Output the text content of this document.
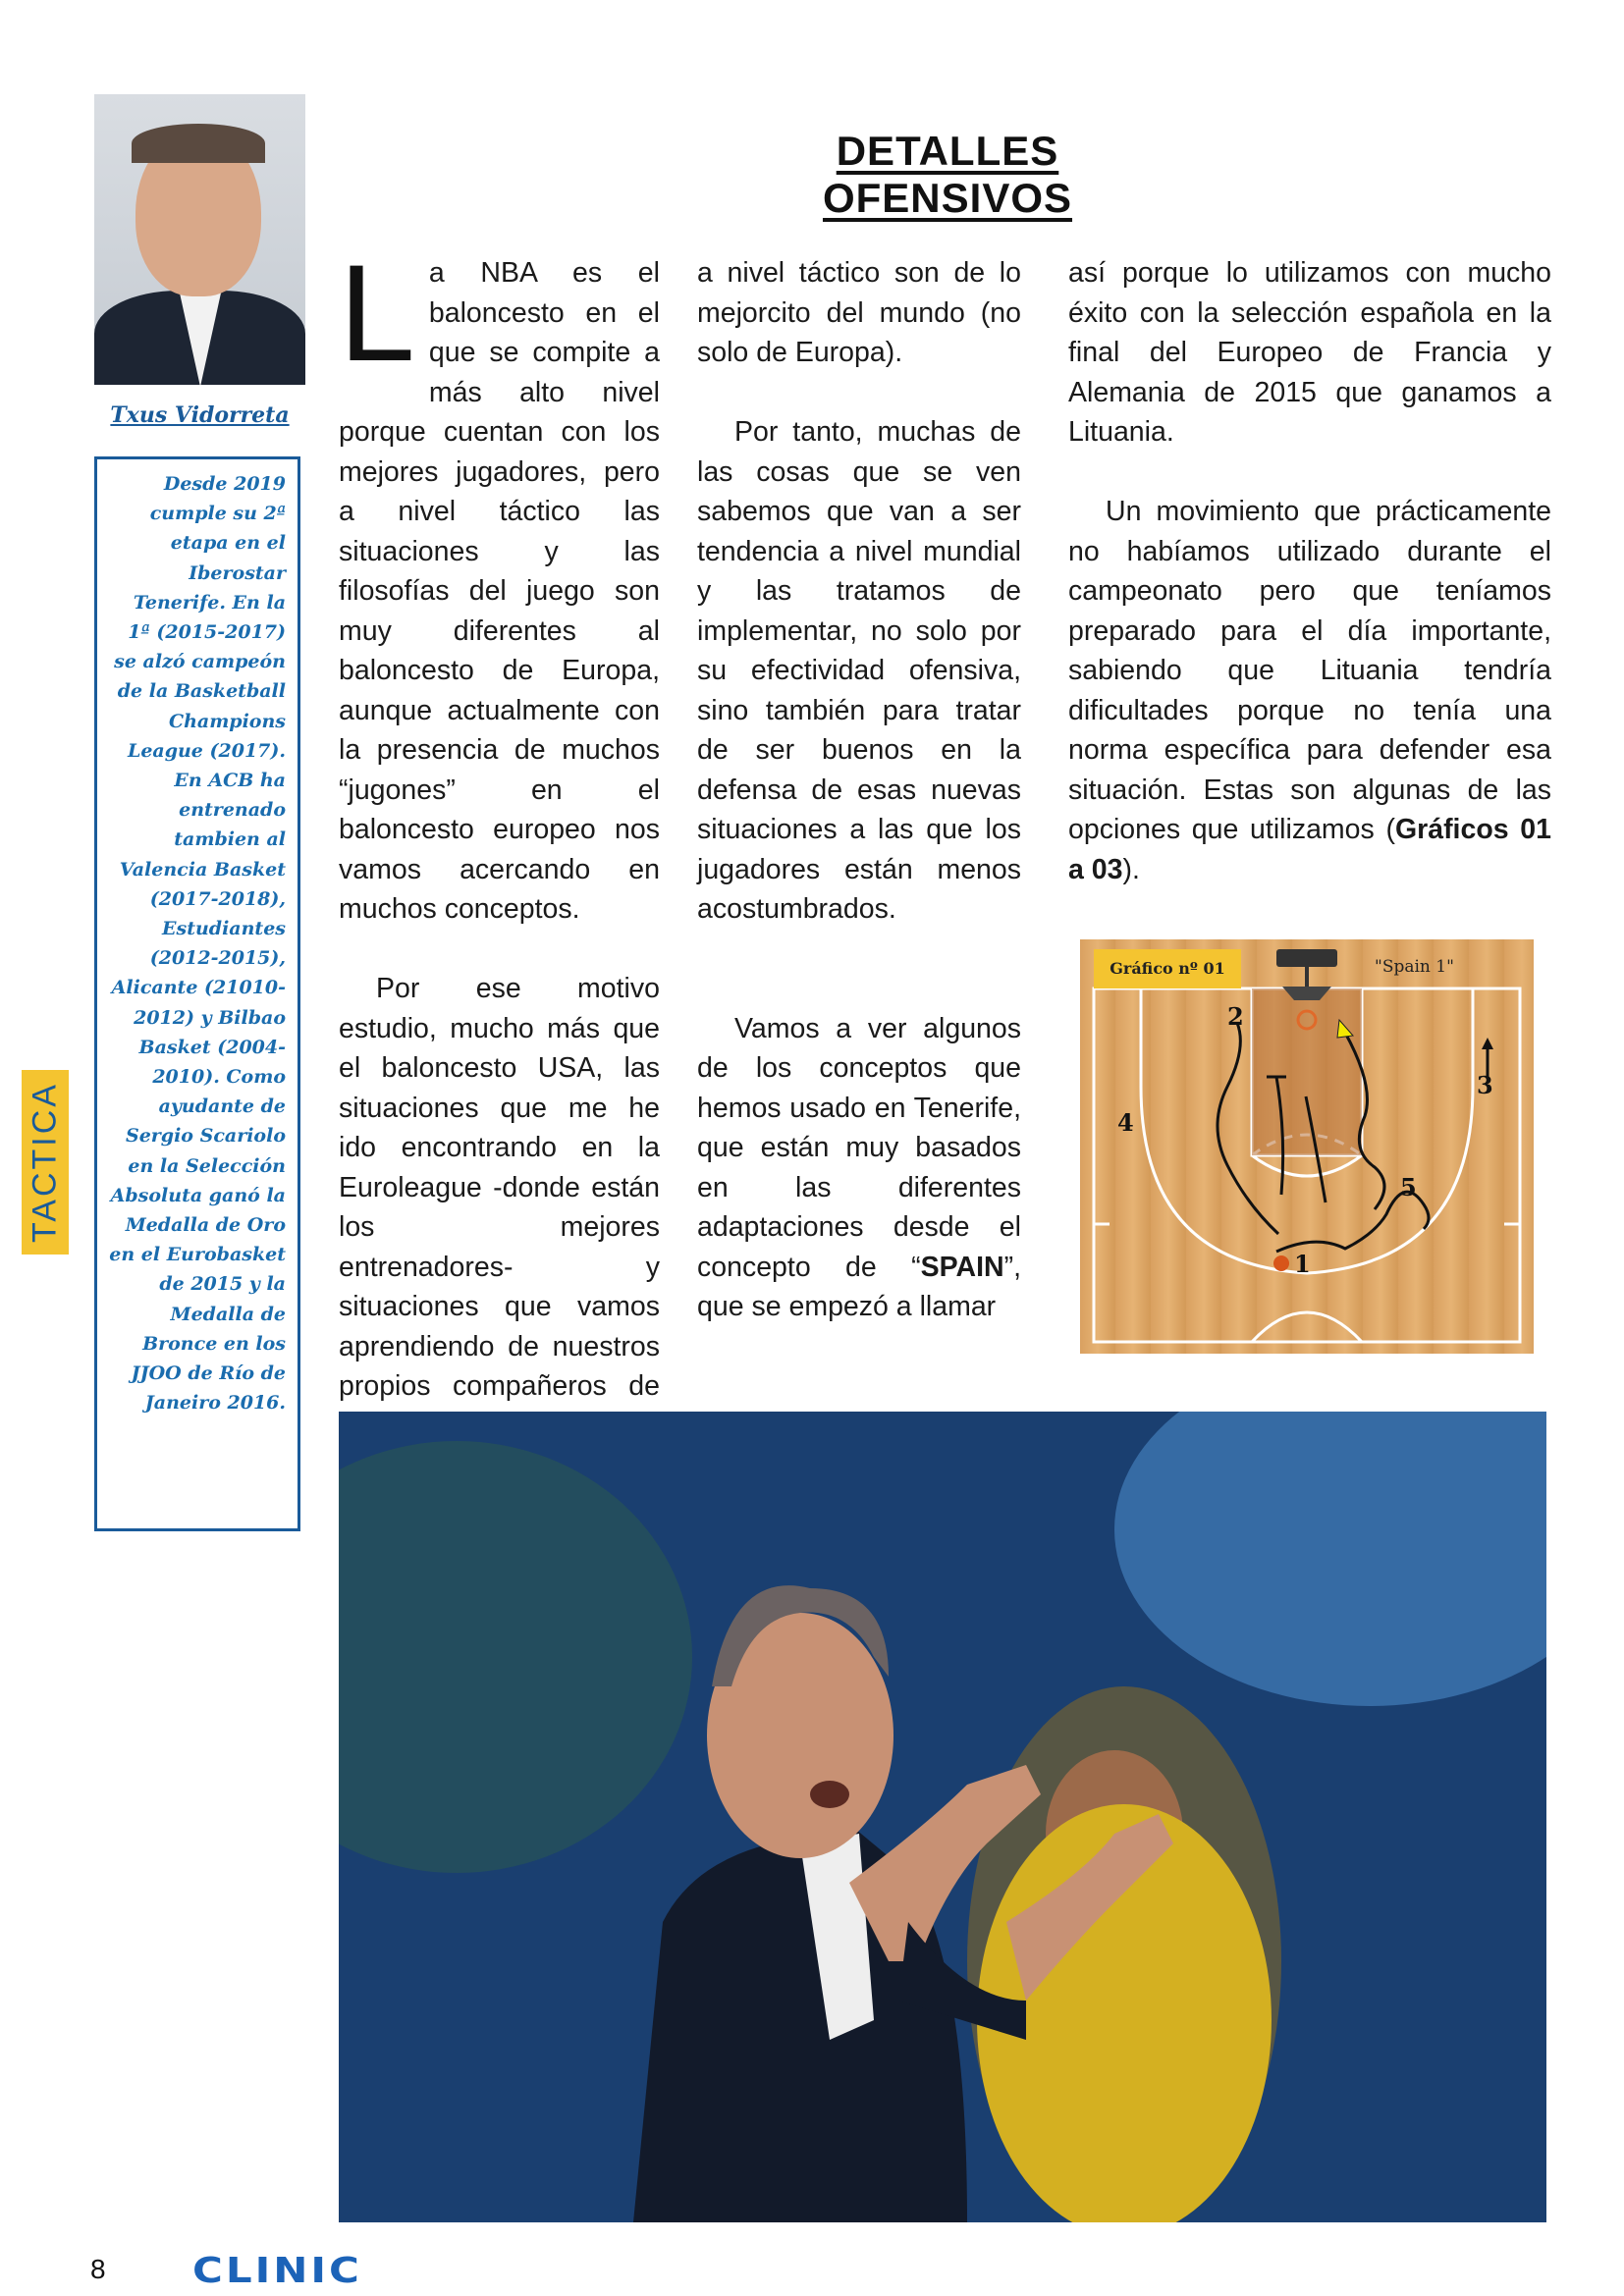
Txus Vidorreta
Desde 2019 cumple su 2ª etapa en el Iberostar Tenerife. En la 1ª (2015-2017) se alzó campeón de la Basketball Champions League (2017). En ACB ha entrenado tambien al Valencia Basket (2017-2018), Estudiantes (2012-2015), Alicante (21010-2012) y Bilbao Basket (2004-2010). Como ayudante de Sergio Scariolo en la Selección Absoluta ganó la Medalla de Oro en el Eurobasket de 2015 y la Medalla de Bronce en los JJOO de Río de Janeiro 2016.
TACTICA
DETALLES OFENSIVOS

La NBA es el baloncesto en el que se compite a más alto nivel porque cuentan con los mejores jugadores, pero a nivel táctico las situaciones y las filosofías del juego son muy diferentes al baloncesto de Europa, aunque actualmente con la presencia de muchos “jugones” en el baloncesto europeo nos vamos acercando en muchos conceptos.

Por ese motivo estudio, mucho más que el baloncesto USA, las situaciones que me he ido encontrando en la Euroleague -donde están los mejores entrenadores- y situaciones que vamos aprendiendo de nuestros propios compañeros de

a nivel táctico son de lo mejorcito del mundo (no solo de Europa).

Por tanto, muchas de las cosas que se ven sabemos que van a ser tendencia a nivel mundial y las tratamos de implementar, no solo por su efectividad ofensiva, sino también para tratar de ser buenos en la defensa de esas nuevas situaciones a las que los jugadores están menos acostumbrados.

Vamos a ver algunos de los conceptos que hemos usado en Tenerife, que están muy basados en las diferentes adaptaciones desde el concepto de “SPAIN”, que se empezó a llamar

así porque lo utilizamos con mucho éxito con la selección española en la final del Europeo de Francia y Alemania de 2015 que ganamos a Lituania.

Un movimiento que prácticamente no habíamos utilizado durante el campeonato pero que teníamos preparado para el día importante, sabiendo que Lituania tendría dificultades porque no tenía una norma específica para defender esa situación. Estas son algunas de las opciones que utilizamos (Gráficos 01 a 03).

Gráfico nº 01	"Spain 1"
1
2
3
4
5
8 CLINIC
